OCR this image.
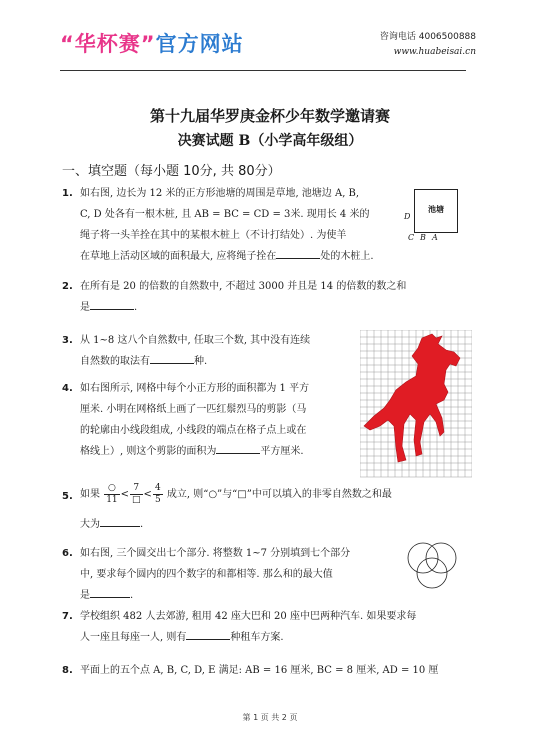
“华杯赛”官方网站	咨询电话 4006500888
www.huabeisai.cn
第十九届华罗庚金杯少年数学邀请赛
决赛试题 B（小学高年级组）
一、填空题（每小题 10分, 共 80分）
1. 如右图, 边长为 12 米的正方形池塘的周围是草地, 池塘边 A, B,
C, D 处各有一根木桩, 且 AB = BC = CD = 3米. 现用长 4 米的
绳子将一头羊拴在其中的某根木桩上（不计打结处）. 为使羊
在草地上活动区域的面积最大, 应将绳子拴在	处的木桩上.
池塘
D
C B A
2. 在所有是 20 的倍数的自然数中, 不超过 3000 并且是 14 的倍数的数之和
是	.
3. 从 1~8 这八个自然数中, 任取三个数, 其中没有连续
自然数的取法有	种.
4. 如右图所示, 网格中每个小正方形的面积都为 1 平方
厘米. 小明在网格纸上画了一匹红鬃烈马的剪影（马
的轮廓由小线段组成, 小线段的端点在格子点上或在
格线上）, 则这个剪影的面积为	平方厘米.
5. 如果 $\frac{○}{11} < \frac{7}{□} < \frac{4}{5}$ 成立, 则“○”与“□”中可以填入的非零自然数之和最
大为	.
6. 如右图, 三个圆交出七个部分. 将整数 1~7 分别填到七个部分
中, 要求每个圆内的四个数字的和都相等. 那么和的最大值
是	.
7. 学校组织 482 人去郊游, 租用 42 座大巴和 20 座中巴两种汽车. 如果要求每
人一座且每座一人, 则有	种租车方案.
8. 平面上的五个点 A, B, C, D, E 满足: AB = 16 厘米, BC = 8 厘米, AD = 10 厘
第 1 页 共 2 页
